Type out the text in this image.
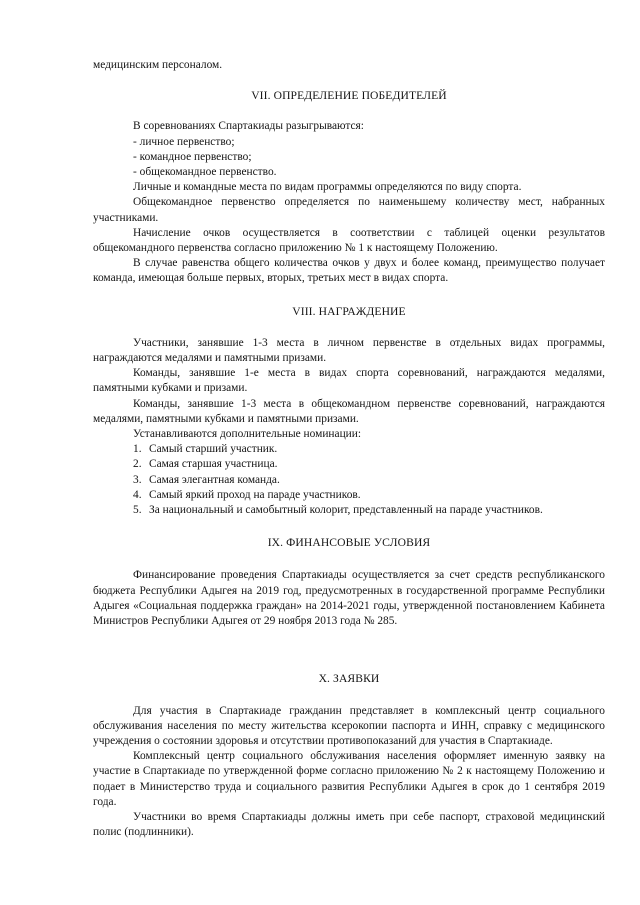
медицинским персоналом.

VII. ОПРЕДЕЛЕНИЕ ПОБЕДИТЕЛЕЙ

В соревнованиях Спартакиады разыгрываются:

- личное первенство;

- командное первенство;

- общекомандное первенство.

Личные и командные места по видам программы определяются по виду спорта.

Общекомандное первенство определяется по наименьшему количеству мест, набранных участниками.

Начисление очков осуществляется в соответствии с таблицей оценки результатов общекомандного первенства согласно приложению № 1 к настоящему Положению.

В случае равенства общего количества очков у двух и более команд, преимущество получает команда, имеющая больше первых, вторых, третьих мест в видах спорта.

VIII. НАГРАЖДЕНИЕ

Участники, занявшие 1-3 места в личном первенстве в отдельных видах программы, награждаются медалями и памятными призами.

Команды, занявшие 1-е места в видах спорта соревнований, награждаются медалями, памятными кубками и призами.

Команды, занявшие 1-3 места в общекомандном первенстве соревнований, награждаются медалями, памятными кубками и памятными призами.

Устанавливаются дополнительные номинации:

1. Самый старший участник.
2. Самая старшая участница.
3. Самая элегантная команда.
4. Самый яркий проход на параде участников.
5. За национальный и самобытный колорит, представленный на параде участников.
IX. ФИНАНСОВЫЕ УСЛОВИЯ

Финансирование проведения Спартакиады осуществляется за счет средств республиканского бюджета Республики Адыгея на 2019 год, предусмотренных в государственной программе Республики Адыгея «Социальная поддержка граждан» на 2014-2021 годы, утвержденной постановлением Кабинета Министров Республики Адыгея от 29 ноября 2013 года № 285.

X. ЗАЯВКИ

Для участия в Спартакиаде гражданин представляет в комплексный центр социального обслуживания населения по месту жительства ксерокопии паспорта и ИНН, справку с медицинского учреждения о состоянии здоровья и отсутствии противопоказаний для участия в Спартакиаде.

Комплексный центр социального обслуживания населения оформляет именную заявку на участие в Спартакиаде по утвержденной форме согласно приложению № 2 к настоящему Положению и подает в Министерство труда и социального развития Республики Адыгея в срок до 1 сентября 2019 года.

Участники во время Спартакиады должны иметь при себе паспорт, страховой медицинский полис (подлинники).
